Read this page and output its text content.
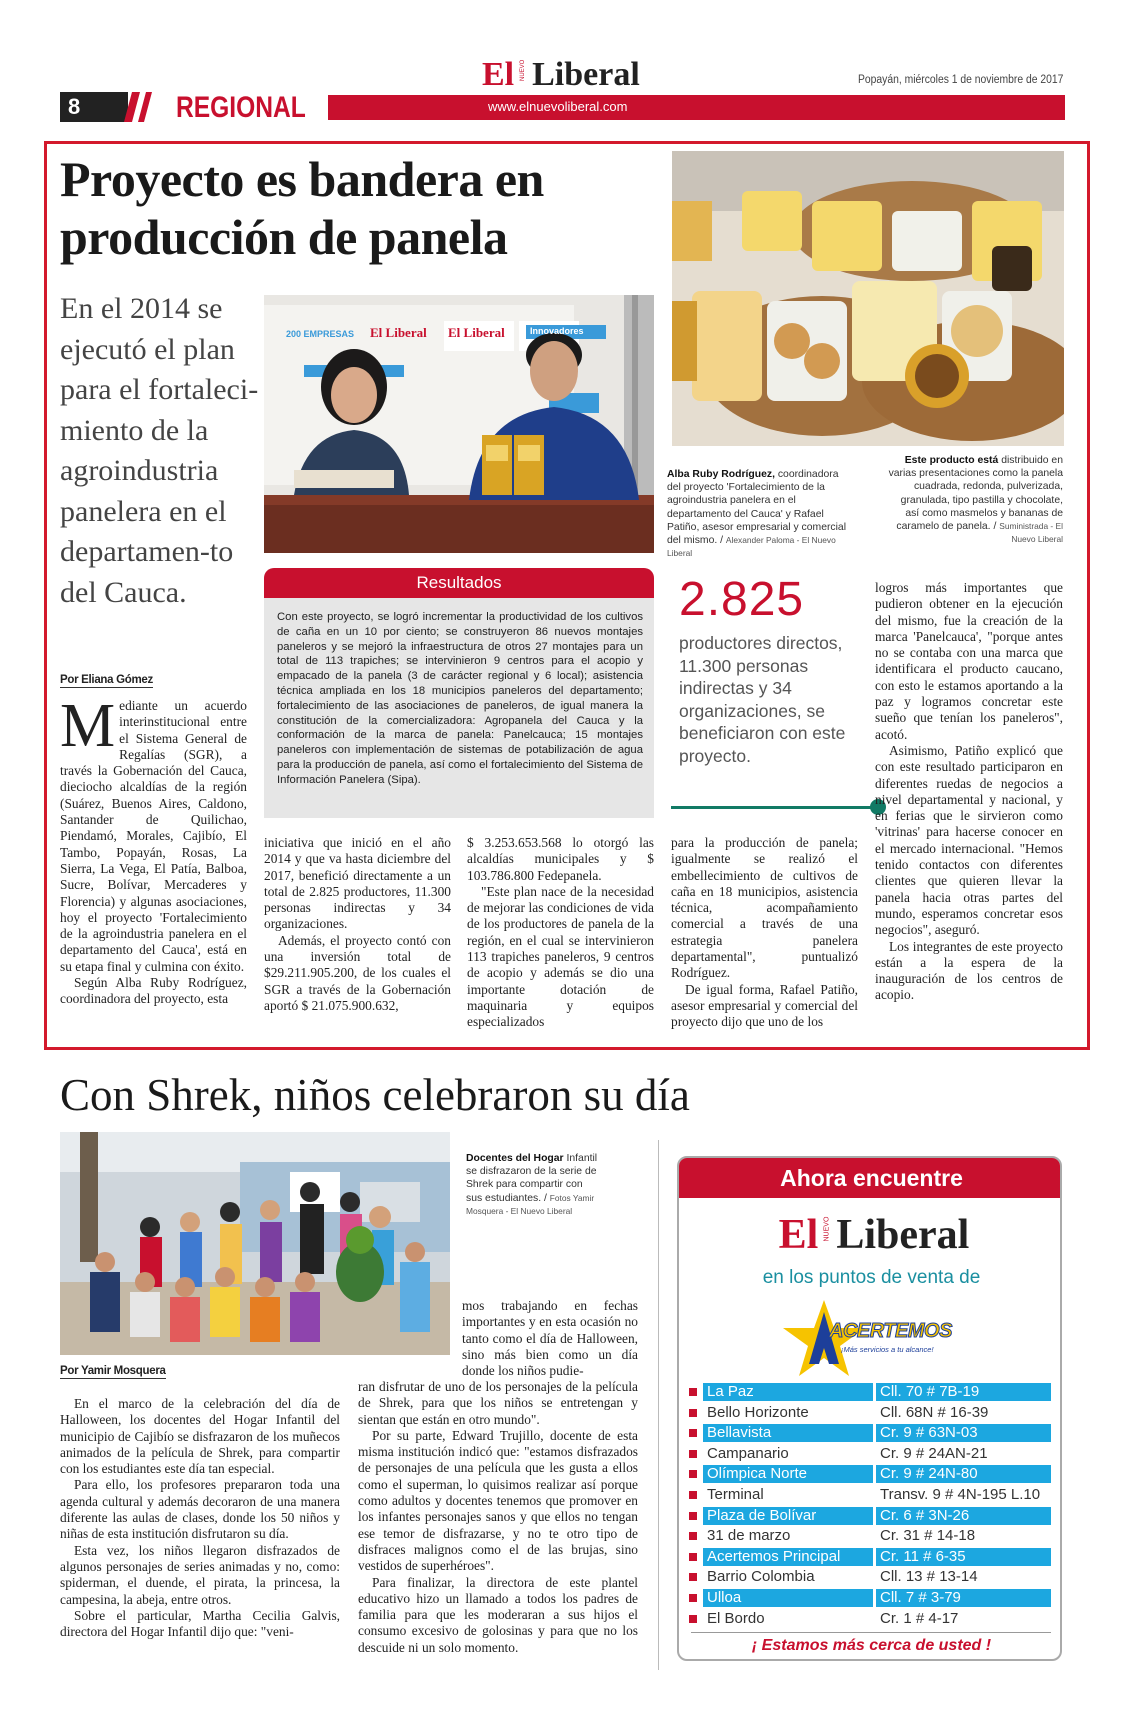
8	REGIONAL
El NUEVO Liberal
www.elnuevoliberal.com
Popayán, miércoles 1 de noviembre de 2017
Proyecto es bandera en producción de panela
En el 2014 se ejecutó el plan para el fortaleci-miento de la agroindustria panelera en el departamen-to del Cauca.
Por Eliana Gómez
200 EMPRESAS El Liberal El Liberal	Innovadores
Alba Ruby Rodríguez, coordinadora del proyecto 'Fortalecimiento de la agroindustria panelera en el departamento del Cauca' y Rafael Patiño, asesor empresarial y comercial del mismo. / Alexander Paloma - El Nuevo Liberal
Este producto está distribuido en varias presentaciones como la panela cuadrada, redonda, pulverizada, granulada, tipo pastilla y chocolate, así como masmelos y bananas de caramelo de panela. / Suministrada - El Nuevo Liberal
Resultados
Con este proyecto, se logró incrementar la productividad de los cultivos de caña en un 10 por ciento; se construyeron 86 nuevos montajes paneleros y se mejoró la infraestructura de otros 27 montajes para un total de 113 trapiches; se intervinieron 9 centros para el acopio y empacado de la panela (3 de carácter regional y 6 local); asistencia técnica ampliada en los 18 municipios paneleros del departamento; fortalecimiento de las asociaciones de paneleros, de igual manera la constitución de la comercializadora: Agropanela del Cauca y la conformación de la marca de panela: Panelcauca; 15 montajes paneleros con implementación de sistemas de potabilización de agua para la producción de panela, así como el fortalecimiento del Sistema de Información Panelera (Sipa).
2.825
productores directos, 11.300 personas indirectas y 34 organizaciones, se beneficiaron con este proyecto.
M ediante un acuerdo interinstitucional entre el Sistema General de Regalías (SGR), a través la Gobernación del Cauca, dieciocho alcaldías de la región (Suárez, Buenos Aires, Caldono, Santander de Quilichao, Piendamó, Morales, Cajibío, El Tambo, Popayán, Rosas, La Sierra, La Vega, El Patía, Balboa, Sucre, Bolívar, Mercaderes y Florencia) y algunas asociaciones, hoy el proyecto 'Fortalecimiento de la agroindustria panelera en el departamento del Cauca', está en su etapa final y culmina con éxito.

Según Alba Ruby Rodríguez, coordinadora del proyecto, esta

iniciativa que inició en el año 2014 y que va hasta diciembre del 2017, benefició directamente a un total de 2.825 productores, 11.300 personas indirectas y 34 organizaciones.

Además, el proyecto contó con una inversión total de $29.211.905.200, de los cuales el SGR a través de la Gobernación aportó $ 21.075.900.632,

$ 3.253.653.568 lo otorgó las alcaldías municipales y $ 103.786.800 Fedepanela.

"Este plan nace de la necesidad de mejorar las condiciones de vida de los productores de panela de la región, en el cual se intervinieron 113 trapiches paneleros, 9 centros de acopio y además se dio una importante dotación de maquinaria y equipos especializados

para la producción de panela; igualmente se realizó el embellecimiento de cultivos de caña en 18 municipios, asistencia técnica, acompañamiento comercial a través de una estrategia panelera departamental", puntualizó Rodríguez.

De igual forma, Rafael Patiño, asesor empresarial y comercial del proyecto dijo que uno de los

logros más importantes que pudieron obtener en la ejecución del mismo, fue la creación de la marca 'Panelcauca', "porque antes no se contaba con una marca que identificara el producto caucano, con esto le estamos aportando a la paz y logramos concretar este sueño que tenían los paneleros", acotó.

Asimismo, Patiño explicó que con este resultado participaron en diferentes ruedas de negocios a nivel departamental y nacional, y en ferias que le sirvieron como 'vitrinas' para hacerse conocer en el mercado internacional. "Hemos tenido contactos con diferentes clientes que quieren llevar la panela hacia otras partes del mundo, esperamos concretar esos negocios", aseguró.

Los integrantes de este proyecto están a la espera de la inauguración de los centros de acopio.

Con Shrek, niños celebraron su día
Docentes del Hogar Infantil se disfrazaron de la serie de Shrek para compartir con sus estudiantes. / Fotos Yamir Mosquera - El Nuevo Liberal
Por Yamir Mosquera

En el marco de la celebración del día de Halloween, los docentes del Hogar Infantil del municipio de Cajibío se disfrazaron de los muñecos animados de la película de Shrek, para compartir con los estudiantes este día tan especial.

Para ello, los profesores prepararon toda una agenda cultural y además decoraron de una manera diferente las aulas de clases, donde los 50 niños y niñas de esta institución disfrutaron su día.

Esta vez, los niños llegaron disfrazados de algunos personajes de series animadas y no, como: spiderman, el duende, el pirata, la princesa, la campesina, la abeja, entre otros.

Sobre el particular, Martha Cecilia Galvis, directora del Hogar Infantil dijo que: "veni-

mos trabajando en fechas importantes y en esta ocasión no tanto como el día de Halloween, sino más bien como un día donde los niños pudie-

ran disfrutar de uno de los personajes de la película de Shrek, para que los niños se entretengan y sientan que están en otro mundo".

Por su parte, Edward Trujillo, docente de esta misma institución indicó que: "estamos disfrazados de personajes de una película que les gusta a ellos como el superman, lo quisimos realizar así porque como adultos y docentes tenemos que promover en los infantes personajes sanos y que ellos no tengan ese temor de disfrazarse, y no te otro tipo de disfraces malignos como el de las brujas, sino vestidos de superhéroes".

Para finalizar, la directora de este plantel educativo hizo un llamado a todos los padres de familia para que les moderaran a sus hijos el consumo excesivo de golosinas y para que no los descuide ni un solo momento.

Ahora encuentre
El NUEVO Liberal
en los puntos de venta de
ACERTEMOS
¡Más servicios a tu alcance!
La Paz	Cll. 70 # 7B-19
Bello Horizonte	Cll. 68N # 16-39
Bellavista	Cr. 9 # 63N-03
Campanario	Cr. 9 # 24AN-21
Olímpica Norte	Cr. 9 # 24N-80
Terminal	Transv. 9 # 4N-195 L.10
Plaza de Bolívar	Cr. 6 # 3N-26
31 de marzo	Cr. 31 # 14-18
Acertemos Principal	Cr. 11 # 6-35
Barrio Colombia	Cll. 13 # 13-14
Ulloa	Cll. 7 # 3-79
El Bordo	Cr. 1 # 4-17
¡ Estamos más cerca de usted !
